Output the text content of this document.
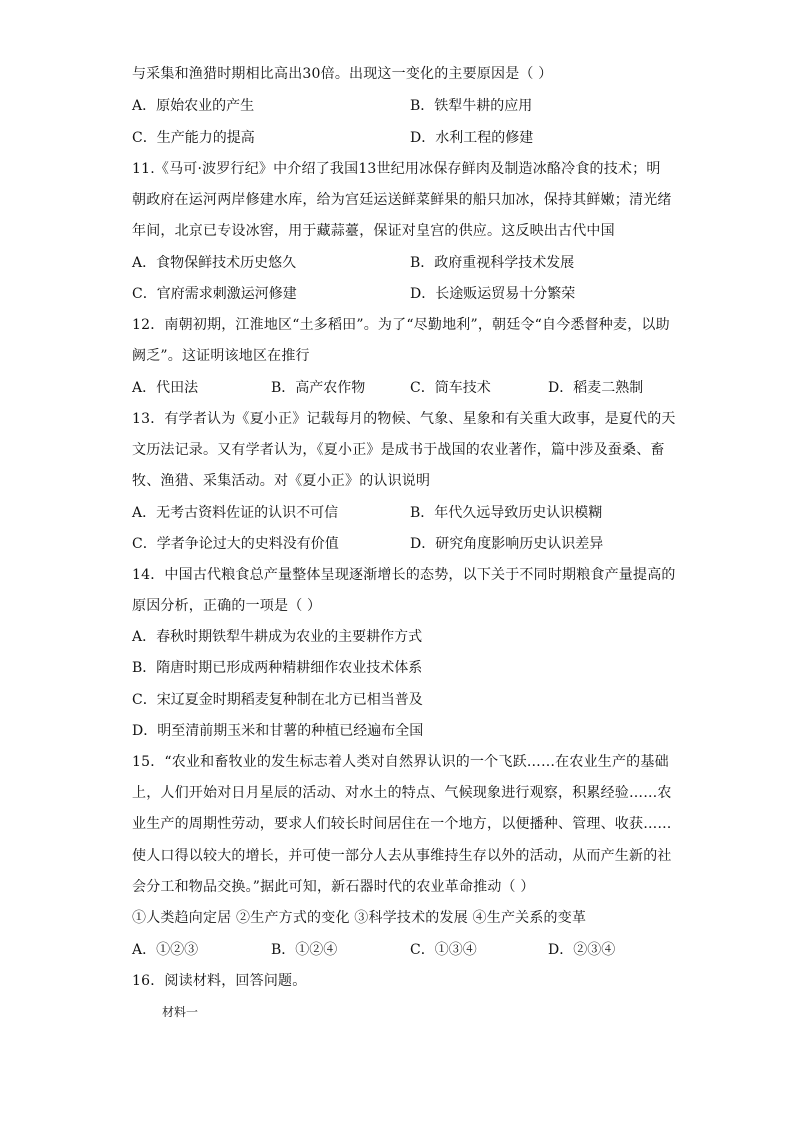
与采集和渔猎时期相比高出30倍。出现这一变化的主要原因是（ ）
A．原始农业的产生	B．铁犁牛耕的应用
C．生产能力的提高	D．水利工程的修建
11.《马可·波罗行纪》中介绍了我国13世纪用冰保存鲜肉及制造冰酪冷食的技术；明
朝政府在运河两岸修建水库，给为宫廷运送鲜菜鲜果的船只加冰，保持其鲜嫩；清光绪
年间，北京已专设冰窖，用于藏蒜薹，保证对皇宫的供应。这反映出古代中国
A．食物保鲜技术历史悠久	B．政府重视科学技术发展
C．官府需求刺激运河修建	D．长途贩运贸易十分繁荣
12．南朝初期，江淮地区“土多稻田”。为了“尽勤地利”，朝廷令“自今悉督种麦，以助
阙乏”。这证明该地区在推行
A．代田法	B．高产农作物	C．筒车技术	D．稻麦二熟制
13．有学者认为《夏小正》记载每月的物候、气象、星象和有关重大政事，是夏代的天
文历法记录。又有学者认为，《夏小正》是成书于战国的农业著作，篇中涉及蚕桑、畜
牧、渔猎、采集活动。对《夏小正》的认识说明
A．无考古资料佐证的认识不可信	B．年代久远导致历史认识模糊
C．学者争论过大的史料没有价值	D．研究角度影响历史认识差异
14．中国古代粮食总产量整体呈现逐渐增长的态势，以下关于不同时期粮食产量提高的
原因分析，正确的一项是（ ）
A．春秋时期铁犁牛耕成为农业的主要耕作方式
B．隋唐时期已形成两种精耕细作农业技术体系
C．宋辽夏金时期稻麦复种制在北方已相当普及
D．明至清前期玉米和甘薯的种植已经遍布全国
15．“农业和畜牧业的发生标志着人类对自然界认识的一个飞跃……在农业生产的基础
上，人们开始对日月星辰的活动、对水土的特点、气候现象进行观察，积累经验……农
业生产的周期性劳动，要求人们较长时间居住在一个地方，以便播种、管理、收获……
使人口得以较大的增长，并可使一部分人去从事维持生存以外的活动，从而产生新的社
会分工和物品交换。”据此可知，新石器时代的农业革命推动（ ）
①人类趋向定居 ②生产方式的变化 ③科学技术的发展 ④生产关系的变革
A．①②③	B．①②④	C．①③④	D．②③④
16．阅读材料，回答问题。
材料一
